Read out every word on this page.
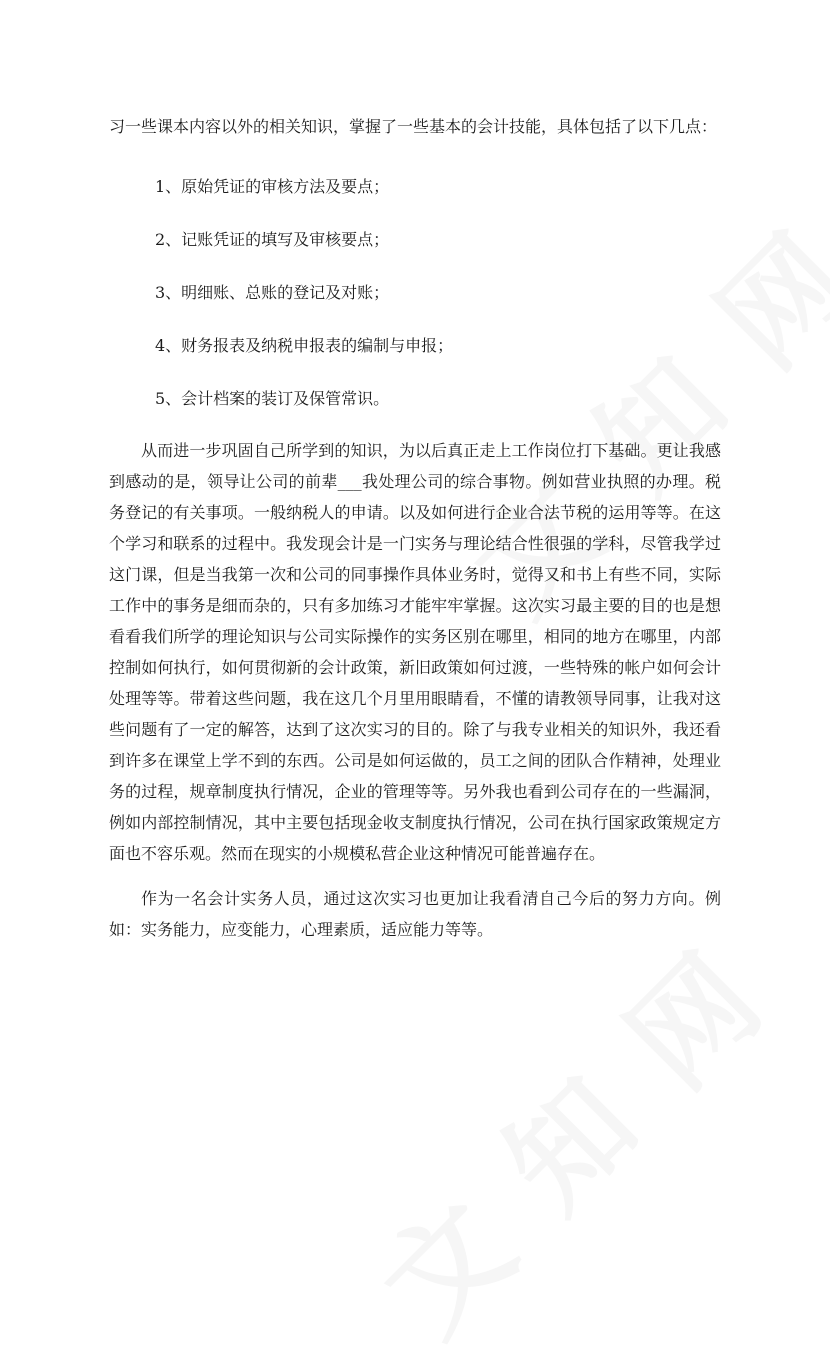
习一些课本内容以外的相关知识，掌握了一些基本的会计技能，具体包括了以下几点：

1、原始凭证的审核方法及要点；
2、记账凭证的填写及审核要点；
3、明细账、总账的登记及对账；
4、财务报表及纳税申报表的编制与申报；
5、会计档案的装订及保管常识。

从而进一步巩固自己所学到的知识，为以后真正走上工作岗位打下基础。更让我感到感动的是，领导让公司的前辈___我处理公司的综合事物。例如营业执照的办理。税务登记的有关事项。一般纳税人的申请。以及如何进行企业合法节税的运用等等。在这个学习和联系的过程中。我发现会计是一门实务与理论结合性很强的学科，尽管我学过这门课，但是当我第一次和公司的同事操作具体业务时，觉得又和书上有些不同，实际工作中的事务是细而杂的，只有多加练习才能牢牢掌握。这次实习最主要的目的也是想看看我们所学的理论知识与公司实际操作的实务区别在哪里，相同的地方在哪里，内部控制如何执行，如何贯彻新的会计政策，新旧政策如何过渡，一些特殊的帐户如何会计处理等等。带着这些问题，我在这几个月里用眼睛看，不懂的请教领导同事，让我对这些问题有了一定的解答，达到了这次实习的目的。除了与我专业相关的知识外，我还看到许多在课堂上学不到的东西。公司是如何运做的，员工之间的团队合作精神，处理业务的过程，规章制度执行情况，企业的管理等等。另外我也看到公司存在的一些漏洞，例如内部控制情况，其中主要包括现金收支制度执行情况，公司在执行国家政策规定方面也不容乐观。然而在现实的小规模私营企业这种情况可能普遍存在。

作为一名会计实务人员，通过这次实习也更加让我看清自己今后的努力方向。例如：实务能力，应变能力，心理素质，适应能力等等。
